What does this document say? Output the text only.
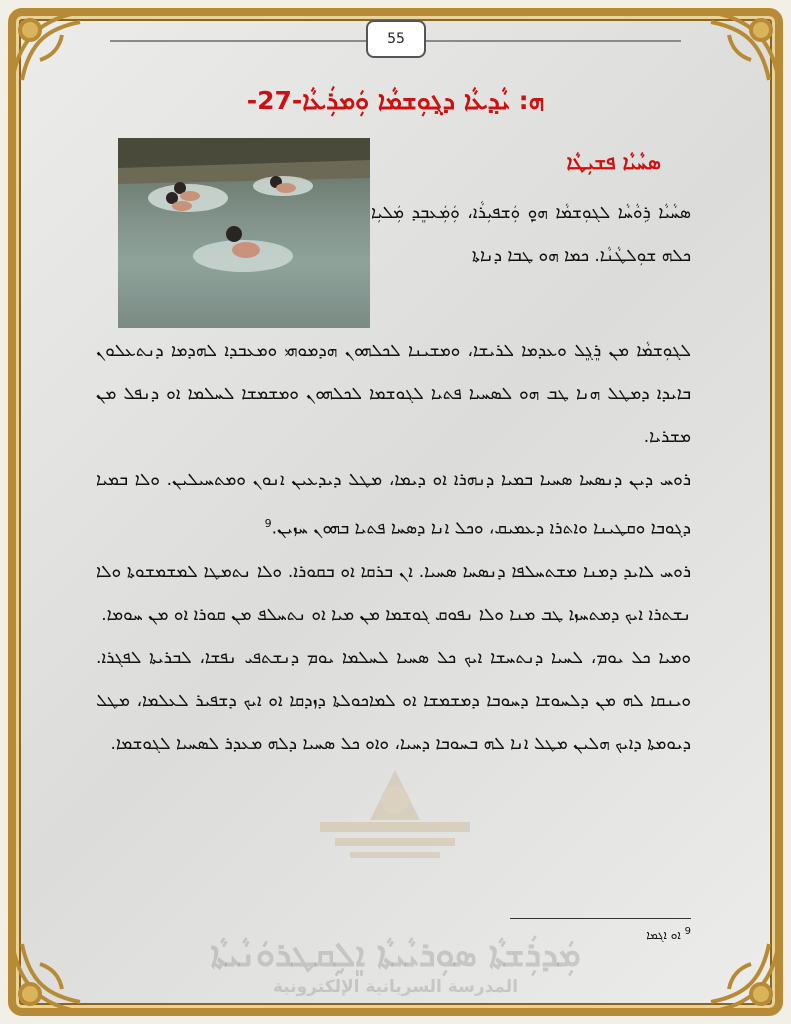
55
ܗ: ܝܵܕ݂ܥܵܐ ܕܓ݂ܘܼܫܡܵܐ ܘܲܡܪܲܥܵܐ-27-
ܣܚܵܝܵܐ ܦܫܝܼܛܵܐ
ܣܚܵܝܵܐ ܪܹܘܵܚܵܐ ܠܓܘܼܫܡܵܐ ܗ̱ܘܼ ܘܲܫܦܝܼܪܵܐ، ܘܲܡܲܥܒܸܕ ܡܲܠܝܼܐ ܟܠܗ ܫܘܼܠܛܵܢܵܐ. ܟܡܐ ܗܘ ܛܒܐ ܕܢܐܬܐ

ܠܓܘܼܫܡܵܐ ܡܢ ܪܸܓܸܠ ܘܥܕܡܐ ܠܪܝܫܐ، ܘܡܫܝܢܐ ܠܟܠܗܘܢ ܗܕܡܘܗܝ ܘܡܥܒܕܐ ܠܗܕܡܐ ܕܢܬܥܠܘܢ ܒܐܝܕܐ ܕܡܛܠ ܗܢܐ ܛܒ ܗܘ ܠܣܚܝܐ ܦܬܝܐ ܠܓܘܫܡܐ ܠܟܠܗܘܢ ܘܡܫܡܫܐ ܠܚܠܡܐ ܐܘ ܕܢܦܠ ܡܢ ܡܫܪܝܐ.

ܪܘܚ ܕܝܢ ܕܢܣܚܐ ܣܚܝܐ ܒܡܝܐ ܕܢܗܪܐ ܐܘ ܕܝܡܐ، ܡܛܠ ܕܝܕܥܝܢ ܐܢܘܢ ܘܡܬܚܝܠܝܢ. ܘܠܐ ܒܡܝܐ ܕܓܘܒܐ ܘܩܛܝܢܐ ܘܐܬܪܐ ܕܥܡܝܩ، ܘܟܠ ܐܢܐ ܕܣܚܐ ܦܬܝܐ ܒܗܘܢ ܚܙܝܢ.$^9$

ܪܘܚ ܠܐܝܕ ܕܡܢܐ ܡܫܬܚܠܦܐ ܕܢܣܚܐ ܣܚܝܐ. ܐܢ ܒܪܩܐ ܐܘ ܒܩܘܪܐ. ܘܠܐ ܢܬܡܛܐ ܠܡܫܡܫܘܬܐ ܘܠܐ ܢܫܬܪܐ ܐܝܟ ܕܡܬܚܙܐ ܛܒ ܡܢܐ ܘܠܐ ܢܦܘܩ ܓܘܫܡܐ ܡܢ ܡܝܐ ܐܘ ܢܬܚܠܦ ܡܢ ܩܘܪܐ ܐܘ ܡܢ ܚܘܡܐ.

ܘܡܝܐ ܟܠ ܝܘܡ، ܠܚܝܐ ܕܢܬܚܫܐ ܐܝܟ ܟܠ ܣܚܝܐ ܠܚܠܡܐ ܝܘܡ ܕܢܫܬܦܝ ܢܦܫܐ، ܠܒܪܝܬܐ ܠܦܓܪܐ. ܘܝܢܩܐ ܠܗ ܡܢ ܕܠܚܘܫܐ ܕܚܘܒܐ ܕܡܫܡܫܐ ܐܘ ܠܡܐܟܘܠܬܐ ܕܙܕܩܐ ܐܘ ܐܝܟ ܕܫܦܝܪ ܠܥܠܡܐ، ܡܛܠ ܕܝܘܡܬܐ ܕܐܝܟ ܗܠܝܢ ܡܛܠ ܐܢܐ ܠܗ ܒܚܘܒܐ ܕܚܝܐ، ܘܐܘ ܟܠ ܣܚܝܐ ܕܠܗ ܡܥܕܪ ܠܣܚܝܐ ܠܓܘܫܡܐ.

$^9$ ܐܘ ܐܓܡܐ
ܡܲܕܪܲܫܬܵܐ ܣܘܼܪܝܵܝܬܵܐ ܐܸܠܹܩܛܪܘܿܢܵܝܬܵܐ
المدرسة السريانية الإلكترونية
